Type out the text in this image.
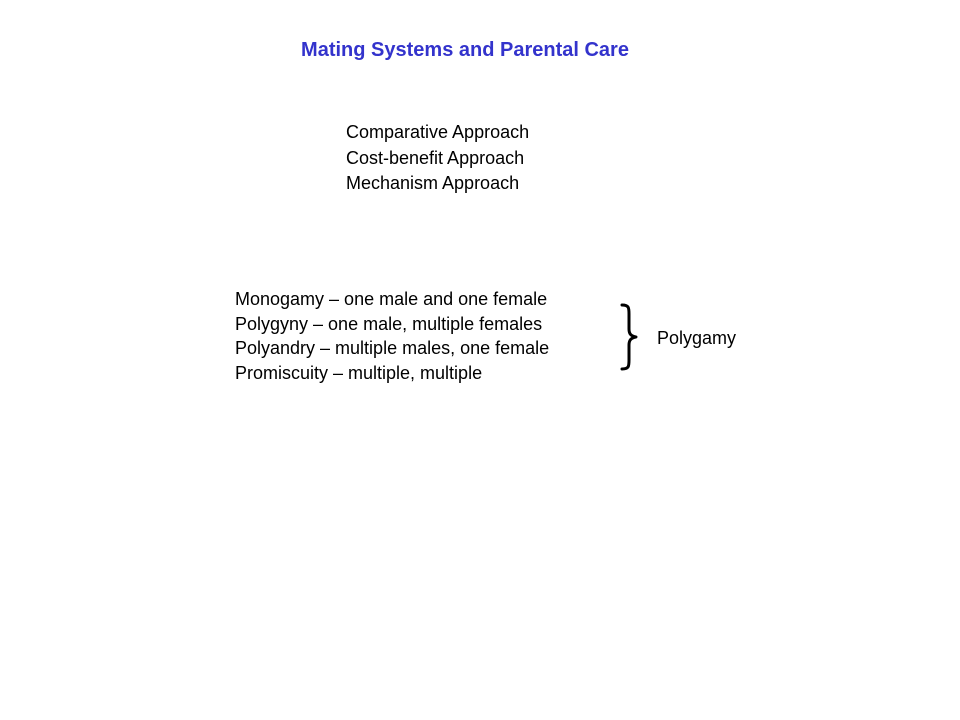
Mating Systems and Parental Care
Comparative Approach
Cost-benefit Approach
Mechanism Approach
Monogamy – one male and one female
Polygyny – one male, multiple females
Polyandry – multiple males, one female
Promiscuity – multiple, multiple
Polygamy
